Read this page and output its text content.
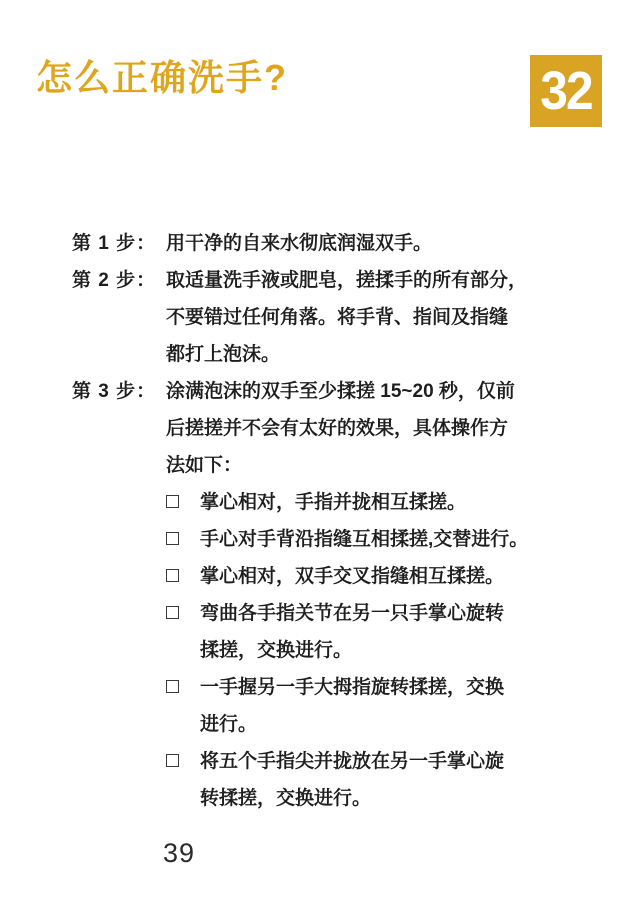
怎么正确洗手?	32
第 1 步： 用干净的自来水彻底润湿双手。
第 2 步： 取适量洗手液或肥皂，搓揉手的所有部分，
不要错过任何角落。将手背、指间及指缝
都打上泡沫。
第 3 步： 涂满泡沫的双手至少揉搓 15~20 秒，仅前
后搓搓并不会有太好的效果，具体操作方
法如下：
掌心相对，手指并拢相互揉搓。
手心对手背沿指缝互相揉搓,交替进行。
掌心相对，双手交叉指缝相互揉搓。
弯曲各手指关节在另一只手掌心旋转
揉搓，交换进行。
一手握另一手大拇指旋转揉搓，交换
进行。
将五个手指尖并拢放在另一手掌心旋
转揉搓，交换进行。
39
